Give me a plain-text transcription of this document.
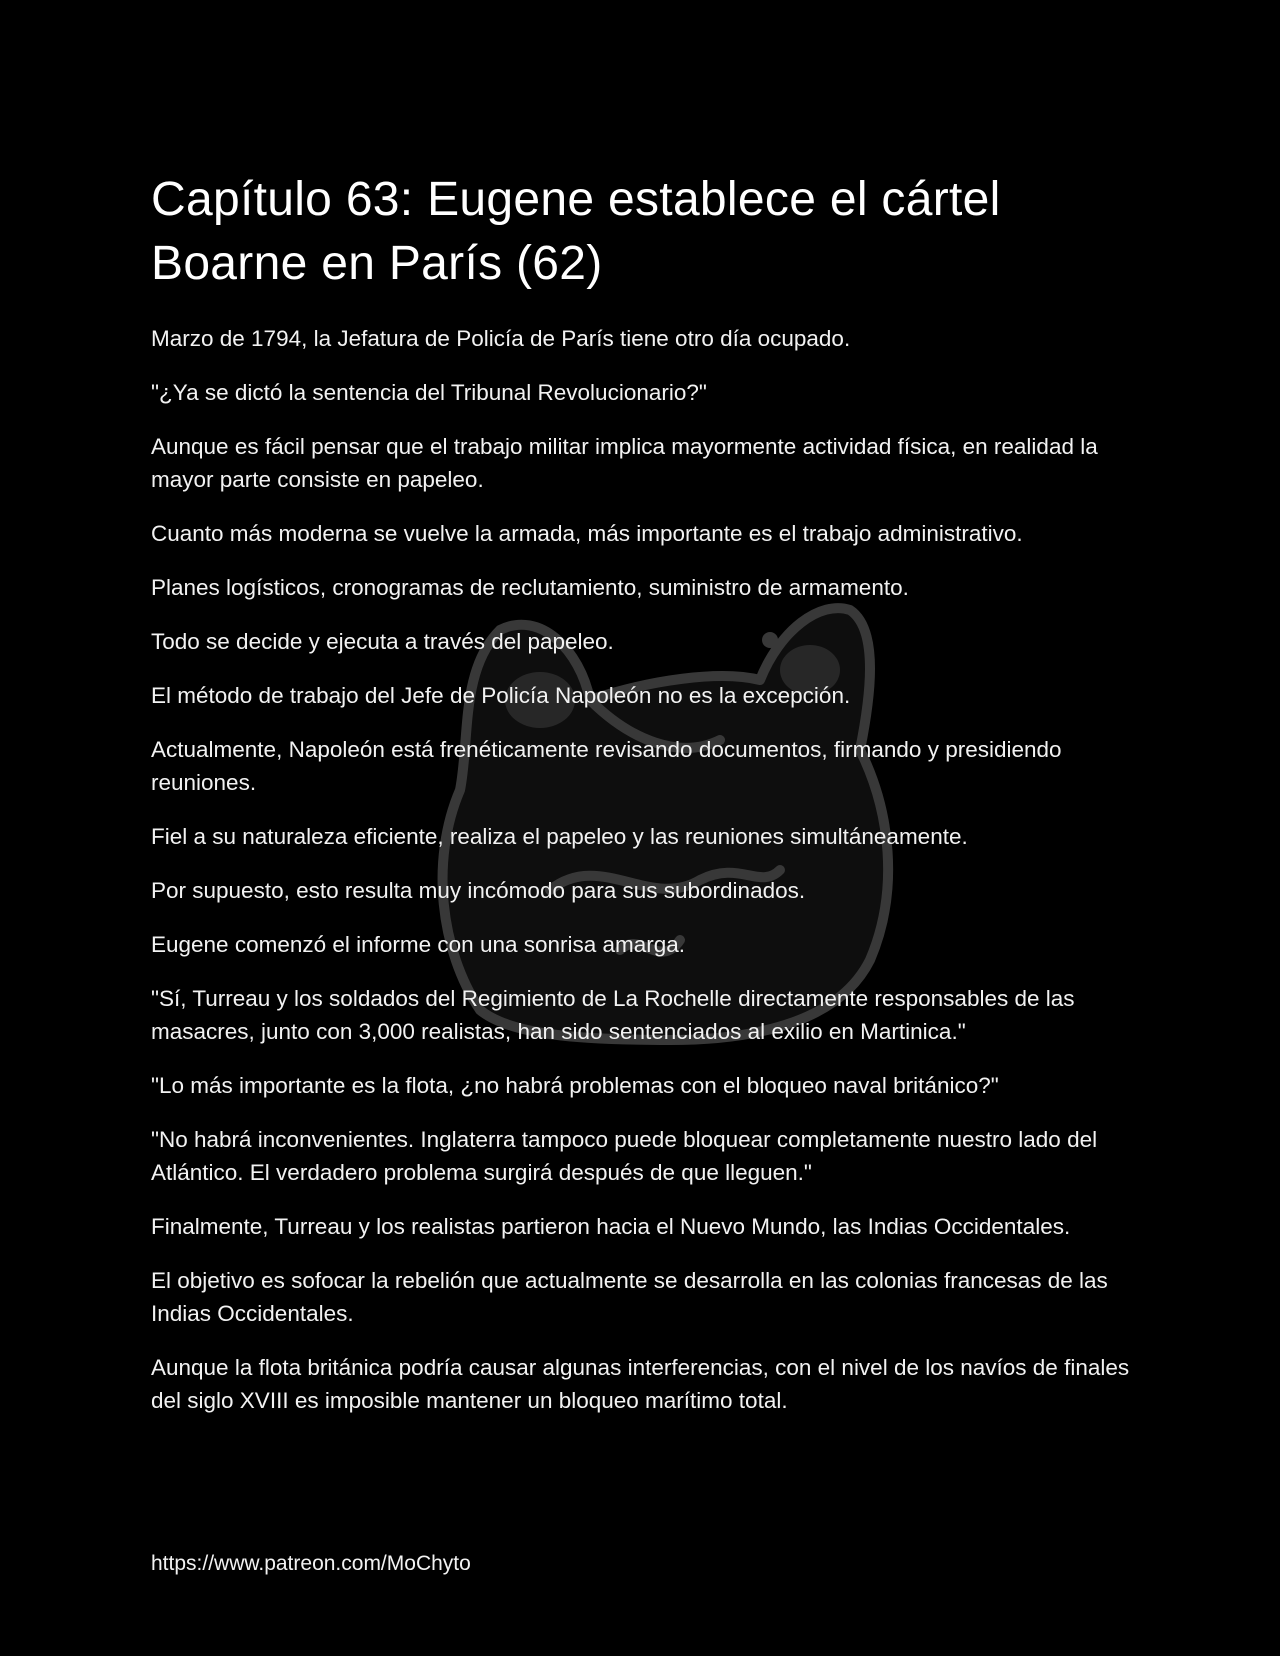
Capítulo 63: Eugene establece el cártel Boarne en París (62)

Marzo de 1794, la Jefatura de Policía de París tiene otro día ocupado.

"¿Ya se dictó la sentencia del Tribunal Revolucionario?"

Aunque es fácil pensar que el trabajo militar implica mayormente actividad física, en realidad la mayor parte consiste en papeleo.

Cuanto más moderna se vuelve la armada, más importante es el trabajo administrativo.

Planes logísticos, cronogramas de reclutamiento, suministro de armamento.

Todo se decide y ejecuta a través del papeleo.

El método de trabajo del Jefe de Policía Napoleón no es la excepción.

Actualmente, Napoleón está frenéticamente revisando documentos, firmando y presidiendo reuniones.

Fiel a su naturaleza eficiente, realiza el papeleo y las reuniones simultáneamente.

Por supuesto, esto resulta muy incómodo para sus subordinados.

Eugene comenzó el informe con una sonrisa amarga.

"Sí, Turreau y los soldados del Regimiento de La Rochelle directamente responsables de las masacres, junto con 3,000 realistas, han sido sentenciados al exilio en Martinica."

"Lo más importante es la flota, ¿no habrá problemas con el bloqueo naval británico?"

"No habrá inconvenientes. Inglaterra tampoco puede bloquear completamente nuestro lado del Atlántico. El verdadero problema surgirá después de que lleguen."

Finalmente, Turreau y los realistas partieron hacia el Nuevo Mundo, las Indias Occidentales.

El objetivo es sofocar la rebelión que actualmente se desarrolla en las colonias francesas de las Indias Occidentales.

Aunque la flota británica podría causar algunas interferencias, con el nivel de los navíos de finales del siglo XVIII es imposible mantener un bloqueo marítimo total.

https://www.patreon.com/MoChyto
